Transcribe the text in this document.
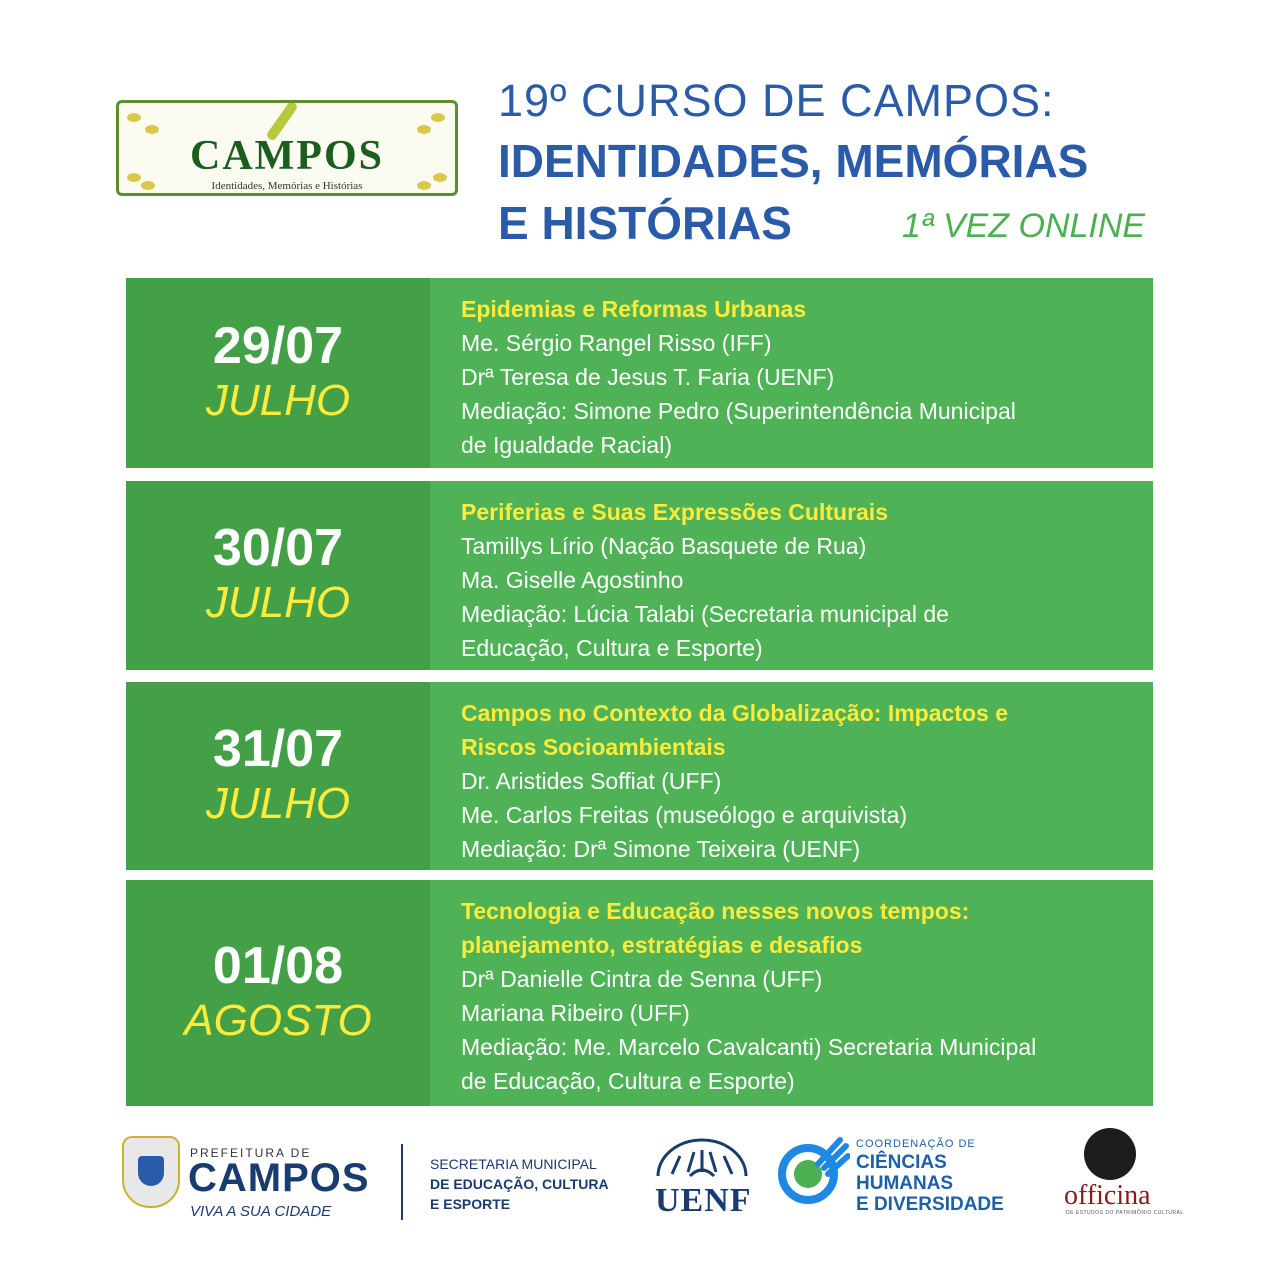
CAMPOS
Identidades, Memórias e Histórias
19º CURSO DE CAMPOS:
IDENTIDADES, MEMÓRIAS
E HISTÓRIAS	1ª VEZ ONLINE
29/07
JULHO
Epidemias e Reformas Urbanas
Me. Sérgio Rangel Risso (IFF)
Drª Teresa de Jesus T. Faria (UENF)
Mediação: Simone Pedro (Superintendência Municipal
de Igualdade Racial)
30/07
JULHO
Periferias e Suas Expressões Culturais
Tamillys Lírio (Nação Basquete de Rua)
Ma. Giselle Agostinho
Mediação: Lúcia Talabi (Secretaria municipal de
Educação, Cultura e Esporte)
31/07
JULHO
Campos no Contexto da Globalização: Impactos e
Riscos Socioambientais
Dr. Aristides Soffiat (UFF)
Me. Carlos Freitas (museólogo e arquivista)
Mediação: Drª Simone Teixeira (UENF)
01/08
AGOSTO
Tecnologia e Educação nesses novos tempos:
planejamento, estratégias e desafios
Drª Danielle Cintra de Senna (UFF)
Mariana Ribeiro (UFF)
Mediação: Me. Marcelo Cavalcanti) Secretaria Municipal
de Educação, Cultura e Esporte)
PREFEITURA DE
CAMPOS
VIVA A SUA CIDADE
SECRETARIA MUNICIPAL
DE EDUCAÇÃO, CULTURA
E ESPORTE	UENF
COORDENAÇÃO DE
CIÊNCIAS
HUMANAS
E DIVERSIDADE officina
DE ESTUDOS DO PATRIMÔNIO CULTURAL
